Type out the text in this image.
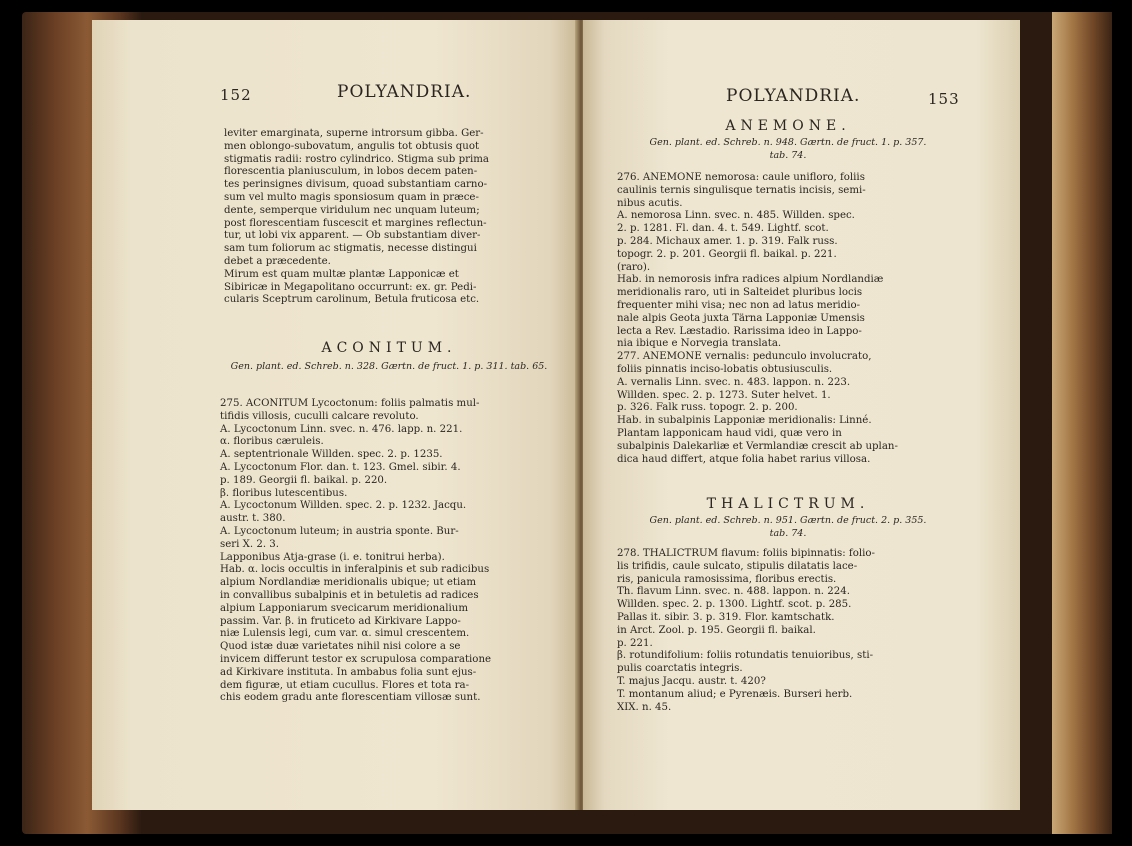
152	POLYANDRIA.
leviter emarginata, superne introrsum gibba. Ger-
men oblongo-subovatum, angulis tot obtusis quot
stigmatis radii: rostro cylindrico. Stigma sub prima
florescentia planiusculum, in lobos decem paten-
tes perinsignes divisum, quoad substantiam carno-
sum vel multo magis sponsiosum quam in præce-
dente, semperque viridulum nec unquam luteum;
post florescentiam fuscescit et margines reflectun-
tur, ut lobi vix apparent. — Ob substantiam diver-
sam tum foliorum ac stigmatis, necesse distingui
debet a præcedente.
Mirum est quam multæ plantæ Lapponicæ et
Sibiricæ in Megapolitano occurrunt: ex. gr. Pedi-
cularis Sceptrum carolinum, Betula fruticosa etc.
ACONITUM.
Gen. plant. ed. Schreb. n. 328. Gærtn. de fruct. 1. p. 311. tab. 65.
275. ACONITUM Lycoctonum: foliis palmatis mul-
tifidis villosis, cuculli calcare revoluto.
A. Lycoctonum Linn. svec. n. 476. lapp. n. 221.
α. floribus cæruleis.
A. septentrionale Willden. spec. 2. p. 1235.
A. Lycoctonum Flor. dan. t. 123. Gmel. sibir. 4.
p. 189. Georgii fl. baikal. p. 220.
β. floribus lutescentibus.
A. Lycoctonum Willden. spec. 2. p. 1232. Jacqu.
austr. t. 380.
A. Lycoctonum luteum; in austria sponte. Bur-
seri X. 2. 3.
Lapponibus Atja-grase (i. e. tonitrui herba).
Hab. α. locis occultis in inferalpinis et sub radicibus
alpium Nordlandiæ meridionalis ubique; ut etiam
in convallibus subalpinis et in betuletis ad radices
alpium Lapponiarum svecicarum meridionalium
passim. Var. β. in fruticeto ad Kirkivare Lappo-
niæ Lulensis legi, cum var. α. simul crescentem.
Quod istæ duæ varietates nihil nisi colore a se
invicem differunt testor ex scrupulosa comparatione
ad Kirkivare instituta. In ambabus folia sunt ejus-
dem figuræ, ut etiam cucullus. Flores et tota ra-
chis eodem gradu ante florescentiam villosæ sunt.
POLYANDRIA.	153
ANEMONE.
Gen. plant. ed. Schreb. n. 948. Gærtn. de fruct. 1. p. 357.
tab. 74.
276. ANEMONE nemorosa: caule unifloro, foliis
caulinis ternis singulisque ternatis incisis, semi-
nibus acutis.
A. nemorosa Linn. svec. n. 485. Willden. spec.
2. p. 1281. Fl. dan. 4. t. 549. Lightf. scot.
p. 284. Michaux amer. 1. p. 319. Falk russ.
topogr. 2. p. 201. Georgii fl. baikal. p. 221.
(raro).
Hab. in nemorosis infra radices alpium Nordlandiæ
meridionalis raro, uti in Salteidet pluribus locis
frequenter mihi visa; nec non ad latus meridio-
nale alpis Geota juxta Tärna Lapponiæ Umensis
lecta a Rev. Læstadio. Rarissima ideo in Lappo-
nia ibique e Norvegia translata.
277. ANEMONE vernalis: pedunculo involucrato,
foliis pinnatis inciso-lobatis obtusiusculis.
A. vernalis Linn. svec. n. 483. lappon. n. 223.
Willden. spec. 2. p. 1273. Suter helvet. 1.
p. 326. Falk russ. topogr. 2. p. 200.
Hab. in subalpinis Lapponiæ meridionalis: Linné.
Plantam lapponicam haud vidi, quæ vero in
subalpinis Dalekarliæ et Vermlandiæ crescit ab uplan-
dica haud differt, atque folia habet rarius villosa.
THALICTRUM.
Gen. plant. ed. Schreb. n. 951. Gærtn. de fruct. 2. p. 355.
tab. 74.
278. THALICTRUM flavum: foliis bipinnatis: folio-
lis trifidis, caule sulcato, stipulis dilatatis lace-
ris, panicula ramosissima, floribus erectis.
Th. flavum Linn. svec. n. 488. lappon. n. 224.
Willden. spec. 2. p. 1300. Lightf. scot. p. 285.
Pallas it. sibir. 3. p. 319. Flor. kamtschatk.
in Arct. Zool. p. 195. Georgii fl. baikal.
p. 221.
β. rotundifolium: foliis rotundatis tenuioribus, sti-
pulis coarctatis integris.
T. majus Jacqu. austr. t. 420?
T. montanum aliud; e Pyrenæis. Burseri herb.
XIX. n. 45.
